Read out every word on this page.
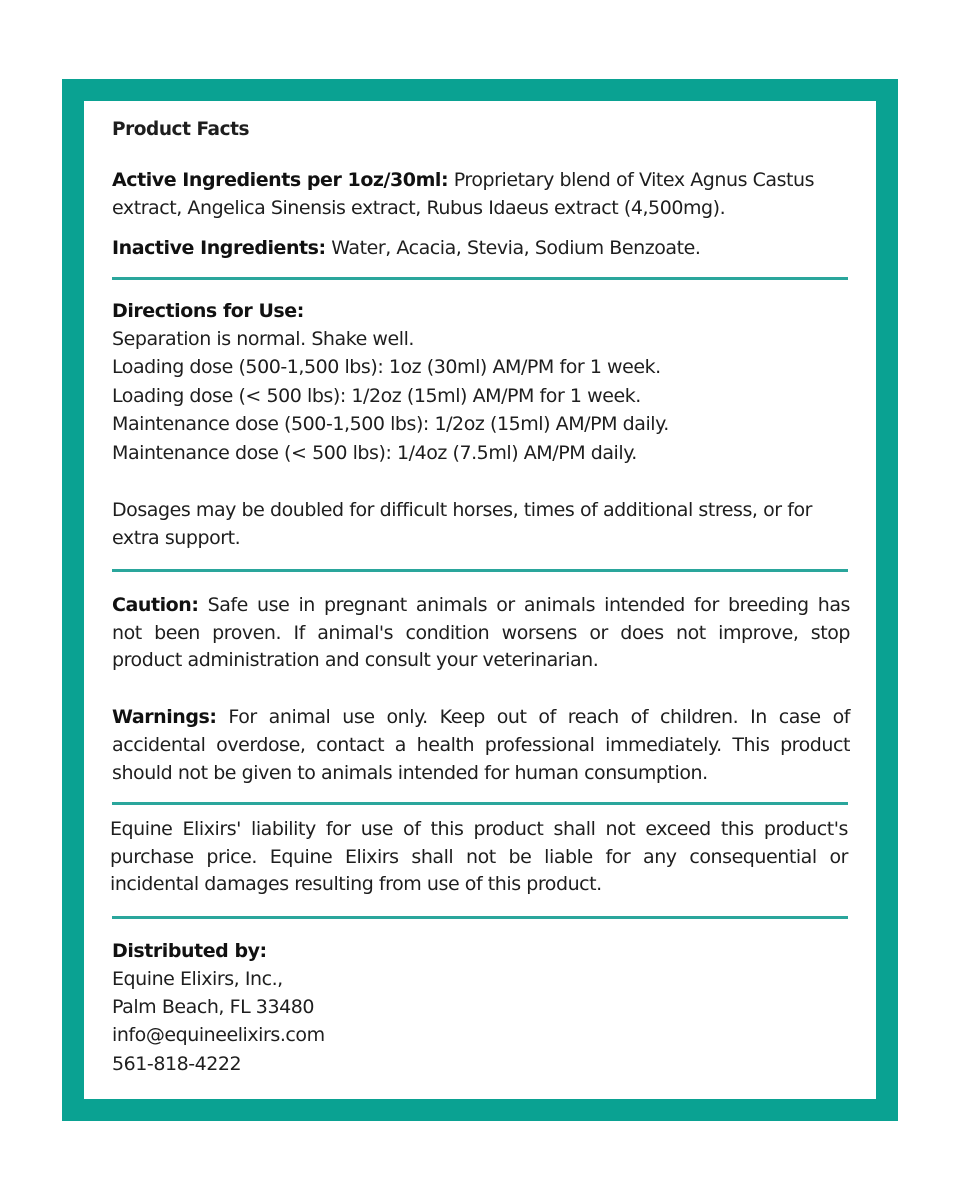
Product Facts
Active Ingredients per 1oz/30ml: Proprietary blend of Vitex Agnus Castus
extract, Angelica Sinensis extract, Rubus Idaeus extract (4,500mg).
Inactive Ingredients: Water, Acacia, Stevia, Sodium Benzoate.
Directions for Use:
Separation is normal. Shake well.
Loading dose (500-1,500 lbs): 1oz (30ml) AM/PM for 1 week.
Loading dose (< 500 lbs): 1/2oz (15ml) AM/PM for 1 week.
Maintenance dose (500-1,500 lbs): 1/2oz (15ml) AM/PM daily.
Maintenance dose (< 500 lbs): 1/4oz (7.5ml) AM/PM daily.
Dosages may be doubled for difficult horses, times of additional stress, or for
extra support.
Caution: Safe use in pregnant animals or animals intended for breeding has
not been proven. If animal's condition worsens or does not improve, stop
product administration and consult your veterinarian.
Warnings: For animal use only. Keep out of reach of children. In case of
accidental overdose, contact a health professional immediately. This product
should not be given to animals intended for human consumption.
Equine Elixirs' liability for use of this product shall not exceed this product's
purchase price. Equine Elixirs shall not be liable for any consequential or
incidental damages resulting from use of this product.
Distributed by:
Equine Elixirs, Inc.,
Palm Beach, FL 33480
info@equineelixirs.com
561-818-4222
